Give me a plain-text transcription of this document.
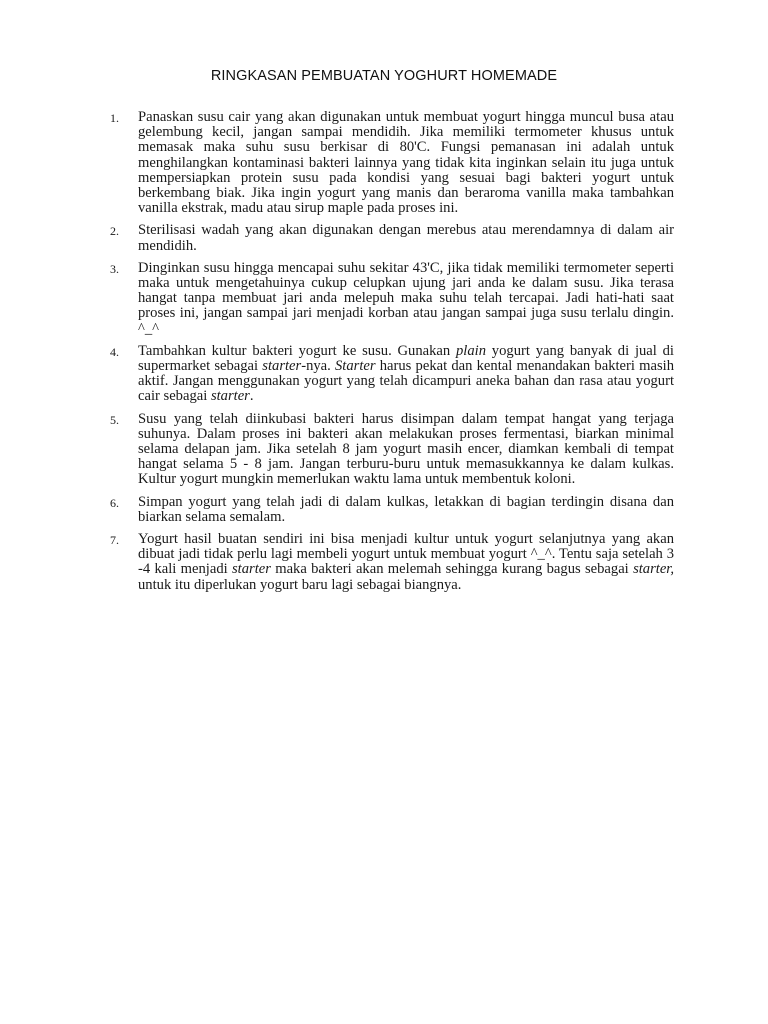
RINGKASAN PEMBUATAN YOGHURT HOMEMADE
1.	Panaskan susu cair yang akan digunakan untuk membuat yogurt hingga muncul busa atau gelembung kecil, jangan sampai mendidih. Jika memiliki termometer khusus untuk memasak maka suhu susu berkisar di 80'C. Fungsi pemanasan ini adalah untuk menghilangkan kontaminasi bakteri lainnya yang tidak kita inginkan selain itu juga untuk mempersiapkan protein susu pada kondisi yang sesuai bagi bakteri yogurt untuk berkembang biak. Jika ingin yogurt yang manis dan beraroma vanilla maka tambahkan vanilla ekstrak, madu atau sirup maple pada proses ini.
2.	Sterilisasi wadah yang akan digunakan dengan merebus atau merendamnya di dalam air mendidih.
3.	Dinginkan susu hingga mencapai suhu sekitar 43'C, jika tidak memiliki termometer seperti maka untuk mengetahuinya cukup celupkan ujung jari anda ke dalam susu. Jika terasa hangat tanpa membuat jari anda melepuh maka suhu telah tercapai. Jadi hati-hati saat proses ini, jangan sampai jari menjadi korban atau jangan sampai juga susu terlalu dingin. ^_^
4.	Tambahkan kultur bakteri yogurt ke susu. Gunakan plain yogurt yang banyak di jual di supermarket sebagai starter-nya. Starter harus pekat dan kental menandakan bakteri masih aktif. Jangan menggunakan yogurt yang telah dicampuri aneka bahan dan rasa atau yogurt cair sebagai starter.
5.	Susu yang telah diinkubasi bakteri harus disimpan dalam tempat hangat yang terjaga suhunya. Dalam proses ini bakteri akan melakukan proses fermentasi, biarkan minimal selama delapan jam. Jika setelah 8 jam yogurt masih encer, diamkan kembali di tempat hangat selama 5 - 8 jam. Jangan terburu-buru untuk memasukkannya ke dalam kulkas. Kultur yogurt mungkin memerlukan waktu lama untuk membentuk koloni.
6.	Simpan yogurt yang telah jadi di dalam kulkas, letakkan di bagian terdingin disana dan biarkan selama semalam.
7.	Yogurt hasil buatan sendiri ini bisa menjadi kultur untuk yogurt selanjutnya yang akan dibuat jadi tidak perlu lagi membeli yogurt untuk membuat yogurt ^_^. Tentu saja setelah 3 -4 kali menjadi starter maka bakteri akan melemah sehingga kurang bagus sebagai starter, untuk itu diperlukan yogurt baru lagi sebagai biangnya.
